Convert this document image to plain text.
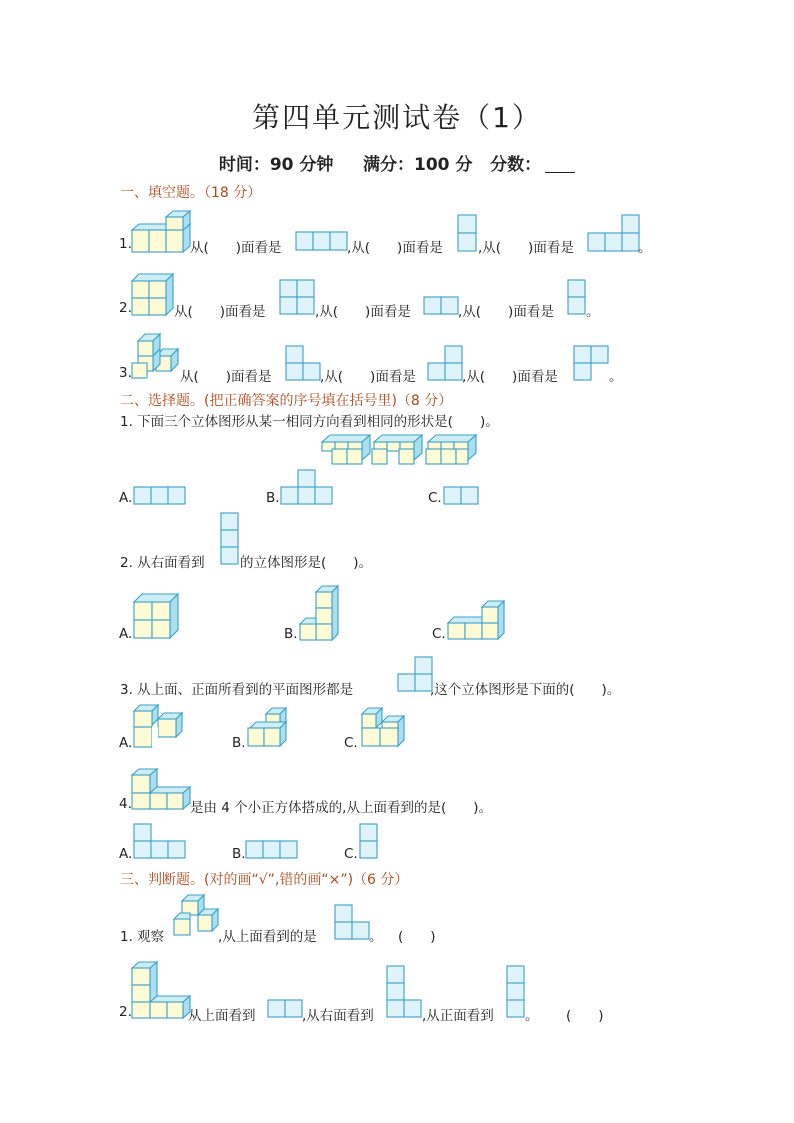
第四单元测试卷（1）
时间：90 分钟 满分：100 分 分数：
一、填空题。（18 分）
1.	从(　　)面看是	,从(　　)面看是	,从(　　)面看是	。
2.	从(　　)面看是	,从(　　)面看是	,从(　　)面看是 。
3.	从(　　)面看是	,从(　　)面看是	,从(　　)面看是	。
二、选择题。(把正确答案的序号填在括号里)（8 分）
1. 下面三个立体图形从某一相同方向看到相同的形状是(　　)。
A.	B.	C.
2. 从右面看到	的立体图形是(　　)。
A.	B.	C.
3. 从上面、正面所看到的平面图形都是	,这个立体图形是下面的(　　)。
A.	B.	C.
4.	是由 4 个小正方体搭成的,从上面看到的是(　　)。
A.	B.	C.
三、判断题。(对的画“√”,错的画“×”)（6 分）
1. 观察	,从上面看到的是	。 (　　)
2.	从上面看到	,从右面看到	,从正面看到 。 (　　)
